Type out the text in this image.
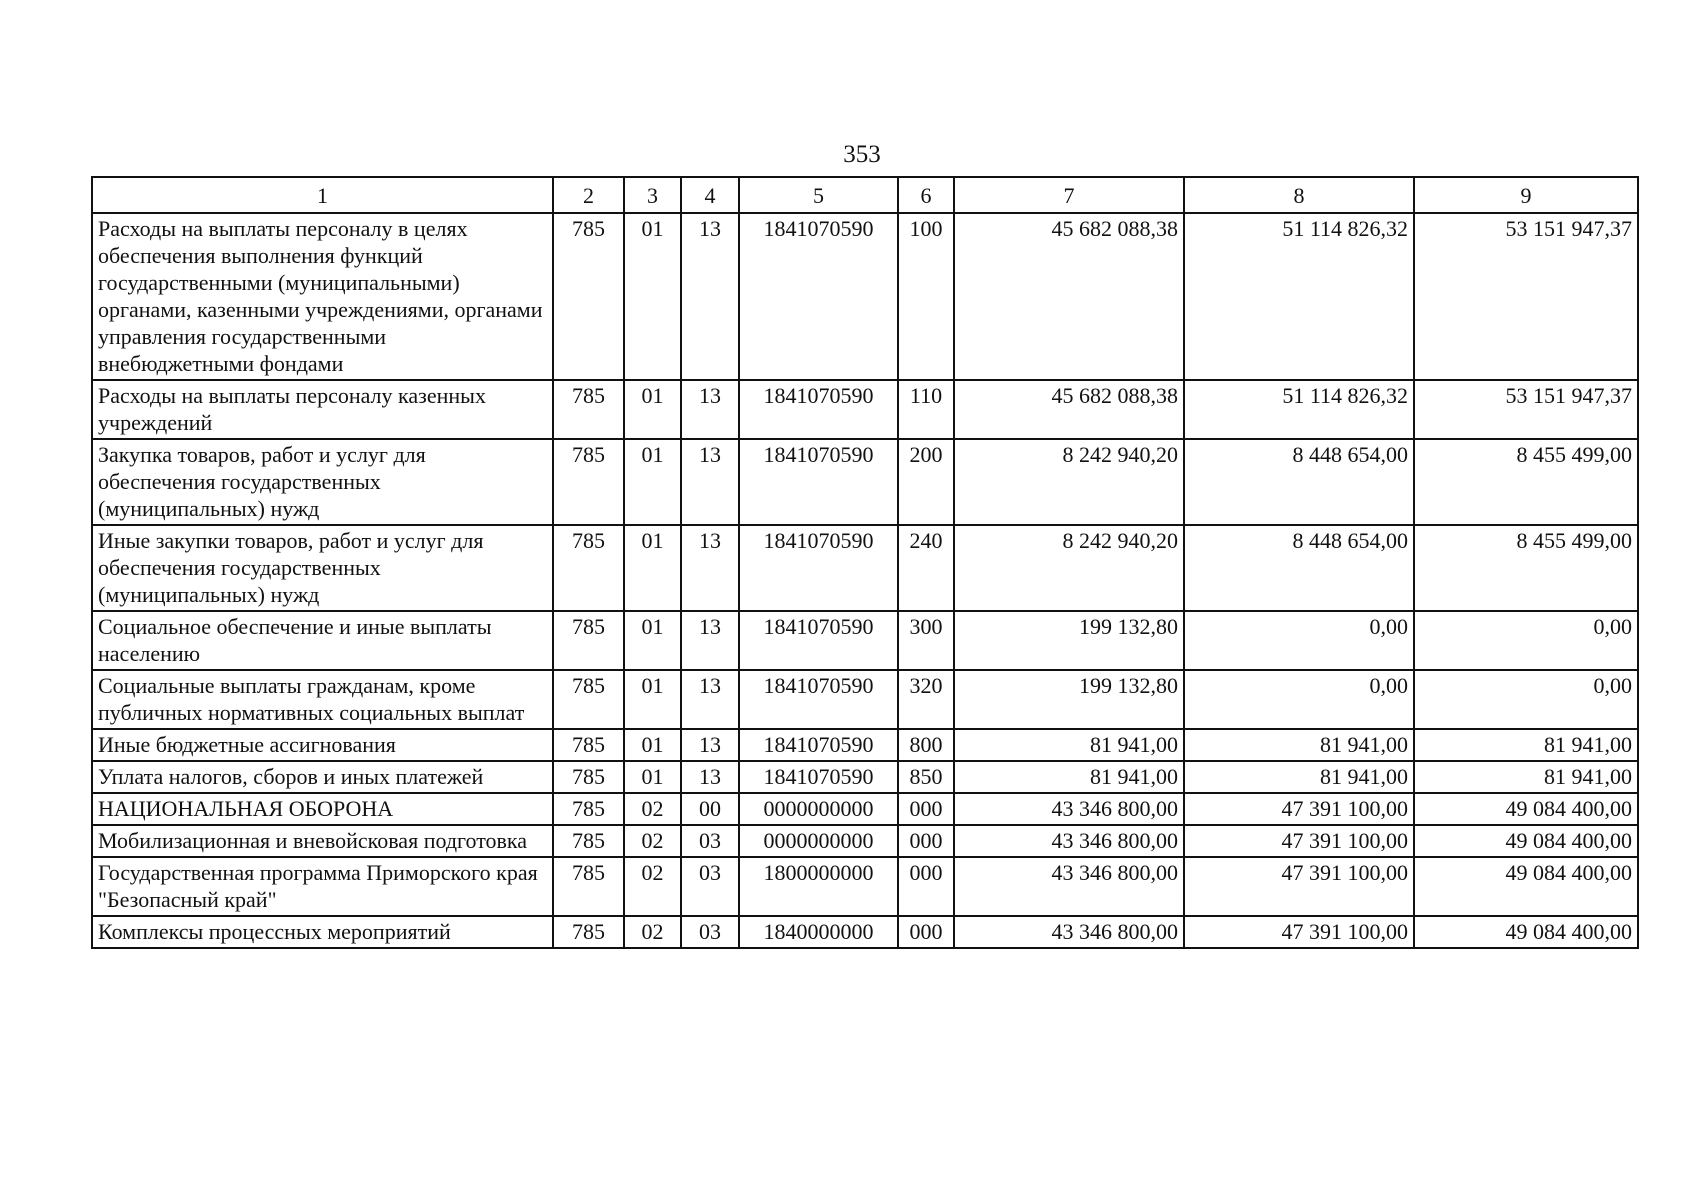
353
1	2	3	4	5	6	7	8	9
Расходы на выплаты персоналу в целях обеспечения выполнения функций государственными (муниципальными) органами, казенными учреждениями, органами управления государственными внебюджетными фондами	785	01	13	1841070590	100	45 682 088,38	51 114 826,32	53 151 947,37
Расходы на выплаты персоналу казенных учреждений	785	01	13	1841070590	110	45 682 088,38	51 114 826,32	53 151 947,37
Закупка товаров, работ и услуг для обеспечения государственных (муниципальных) нужд	785	01	13	1841070590	200	8 242 940,20	8 448 654,00	8 455 499,00
Иные закупки товаров, работ и услуг для обеспечения государственных (муниципальных) нужд	785	01	13	1841070590	240	8 242 940,20	8 448 654,00	8 455 499,00
Социальное обеспечение и иные выплаты населению	785	01	13	1841070590	300	199 132,80	0,00	0,00
Социальные выплаты гражданам, кроме публичных нормативных социальных выплат	785	01	13	1841070590	320	199 132,80	0,00	0,00
Иные бюджетные ассигнования	785	01	13	1841070590	800	81 941,00	81 941,00	81 941,00
Уплата налогов, сборов и иных платежей	785	01	13	1841070590	850	81 941,00	81 941,00	81 941,00
НАЦИОНАЛЬНАЯ ОБОРОНА	785	02	00	0000000000	000	43 346 800,00	47 391 100,00	49 084 400,00
Мобилизационная и вневойсковая подготовка	785	02	03	0000000000	000	43 346 800,00	47 391 100,00	49 084 400,00
Государственная программа Приморского края "Безопасный край"	785	02	03	1800000000	000	43 346 800,00	47 391 100,00	49 084 400,00
Комплексы процессных мероприятий	785	02	03	1840000000	000	43 346 800,00	47 391 100,00	49 084 400,00
